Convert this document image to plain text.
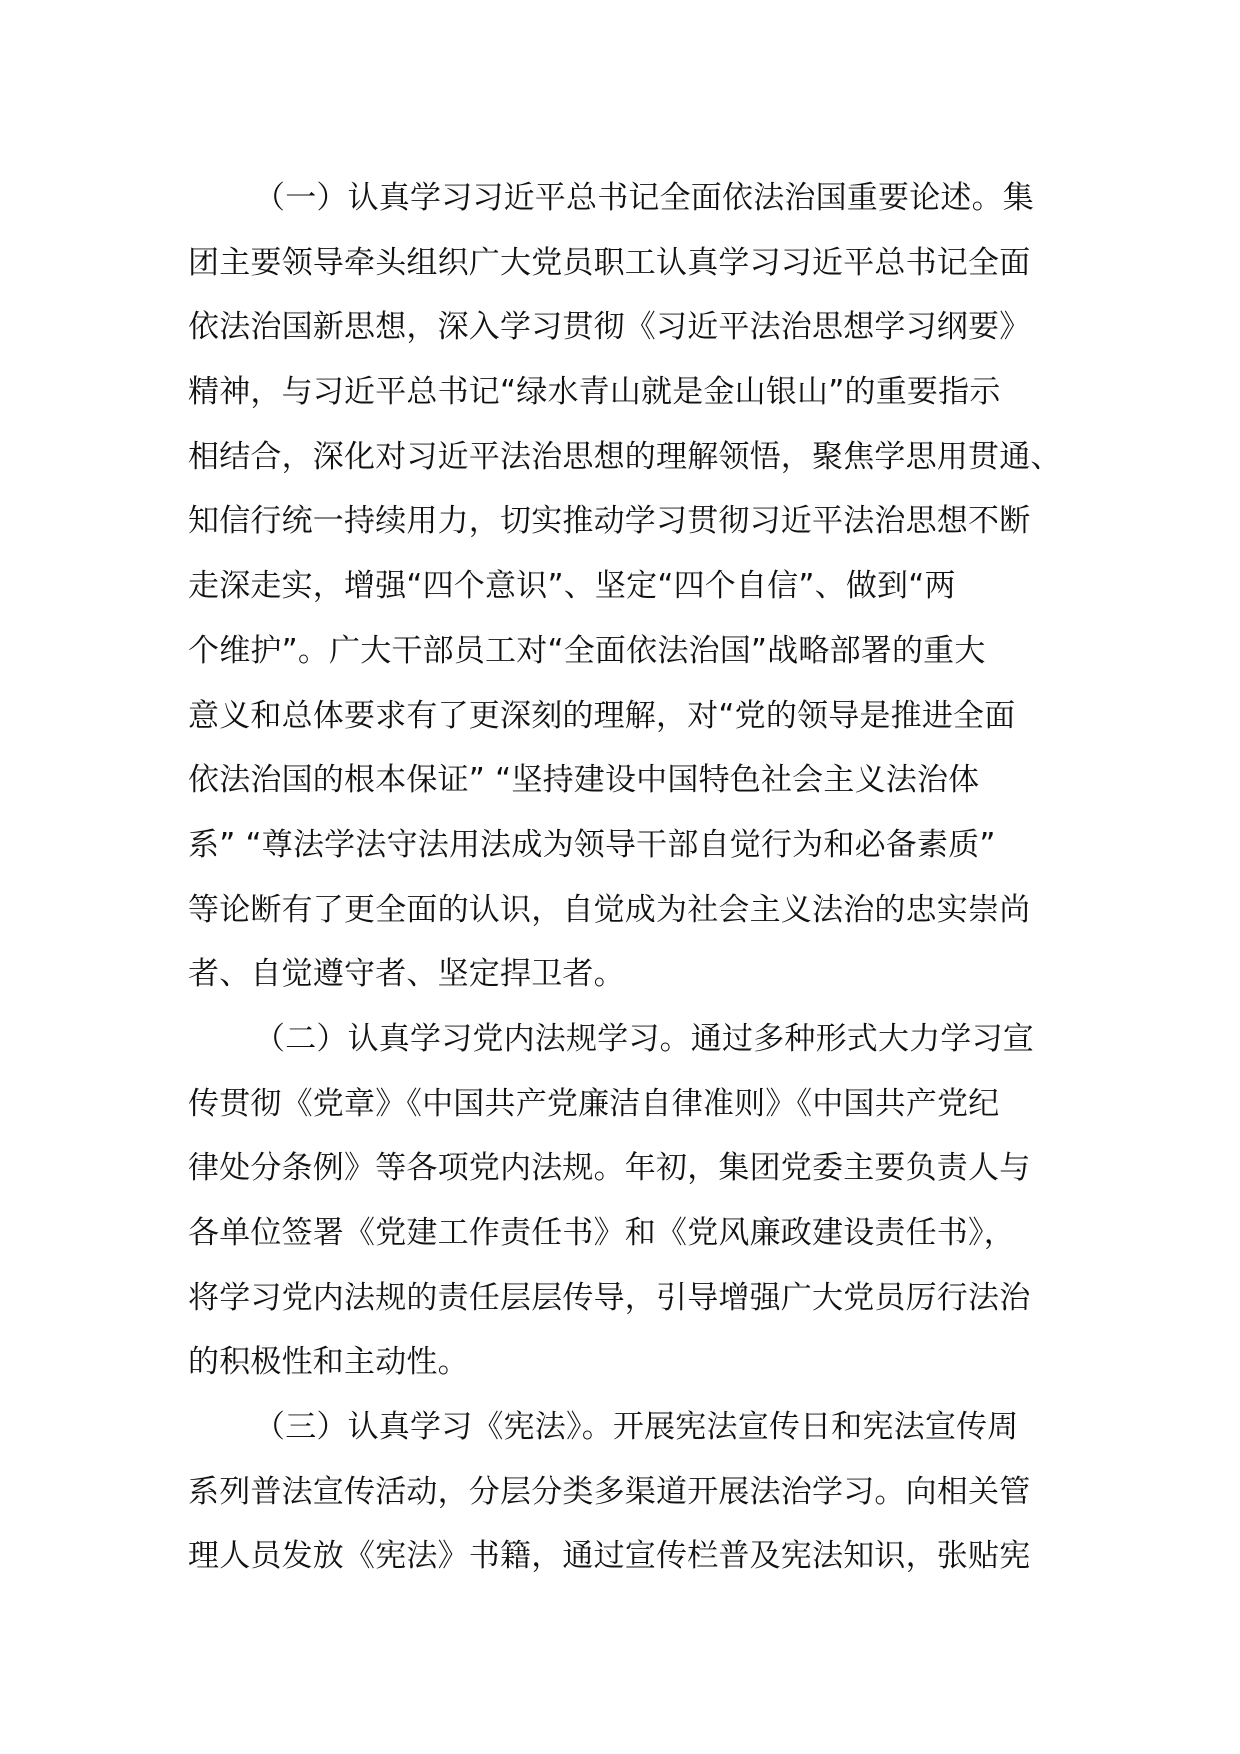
（一）认真学习习近平总书记全面依法治国重要论述。集
团主要领导牵头组织广大党员职工认真学习习近平总书记全面
依法治国新思想，深入学习贯彻《习近平法治思想学习纲要》
精神，与习近平总书记“绿水青山就是金山银山”的重要指示
相结合，深化对习近平法治思想的理解领悟，聚焦学思用贯通、
知信行统一持续用力，切实推动学习贯彻习近平法治思想不断
走深走实，增强“四个意识”、坚定“四个自信”、做到“两
个维护”。广大干部员工对“全面依法治国”战略部署的重大
意义和总体要求有了更深刻的理解，对“党的领导是推进全面
依法治国的根本保证” “坚持建设中国特色社会主义法治体
系” “尊法学法守法用法成为领导干部自觉行为和必备素质”
等论断有了更全面的认识，自觉成为社会主义法治的忠实崇尚
者、自觉遵守者、坚定捍卫者。
（二）认真学习党内法规学习。通过多种形式大力学习宣
传贯彻《党章》《中国共产党廉洁自律准则》《中国共产党纪
律处分条例》等各项党内法规。年初，集团党委主要负责人与
各单位签署《党建工作责任书》和《党风廉政建设责任书》，
将学习党内法规的责任层层传导，引导增强广大党员厉行法治
的积极性和主动性。
（三）认真学习《宪法》。开展宪法宣传日和宪法宣传周
系列普法宣传活动，分层分类多渠道开展法治学习。向相关管
理人员发放《宪法》书籍，通过宣传栏普及宪法知识，张贴宪
